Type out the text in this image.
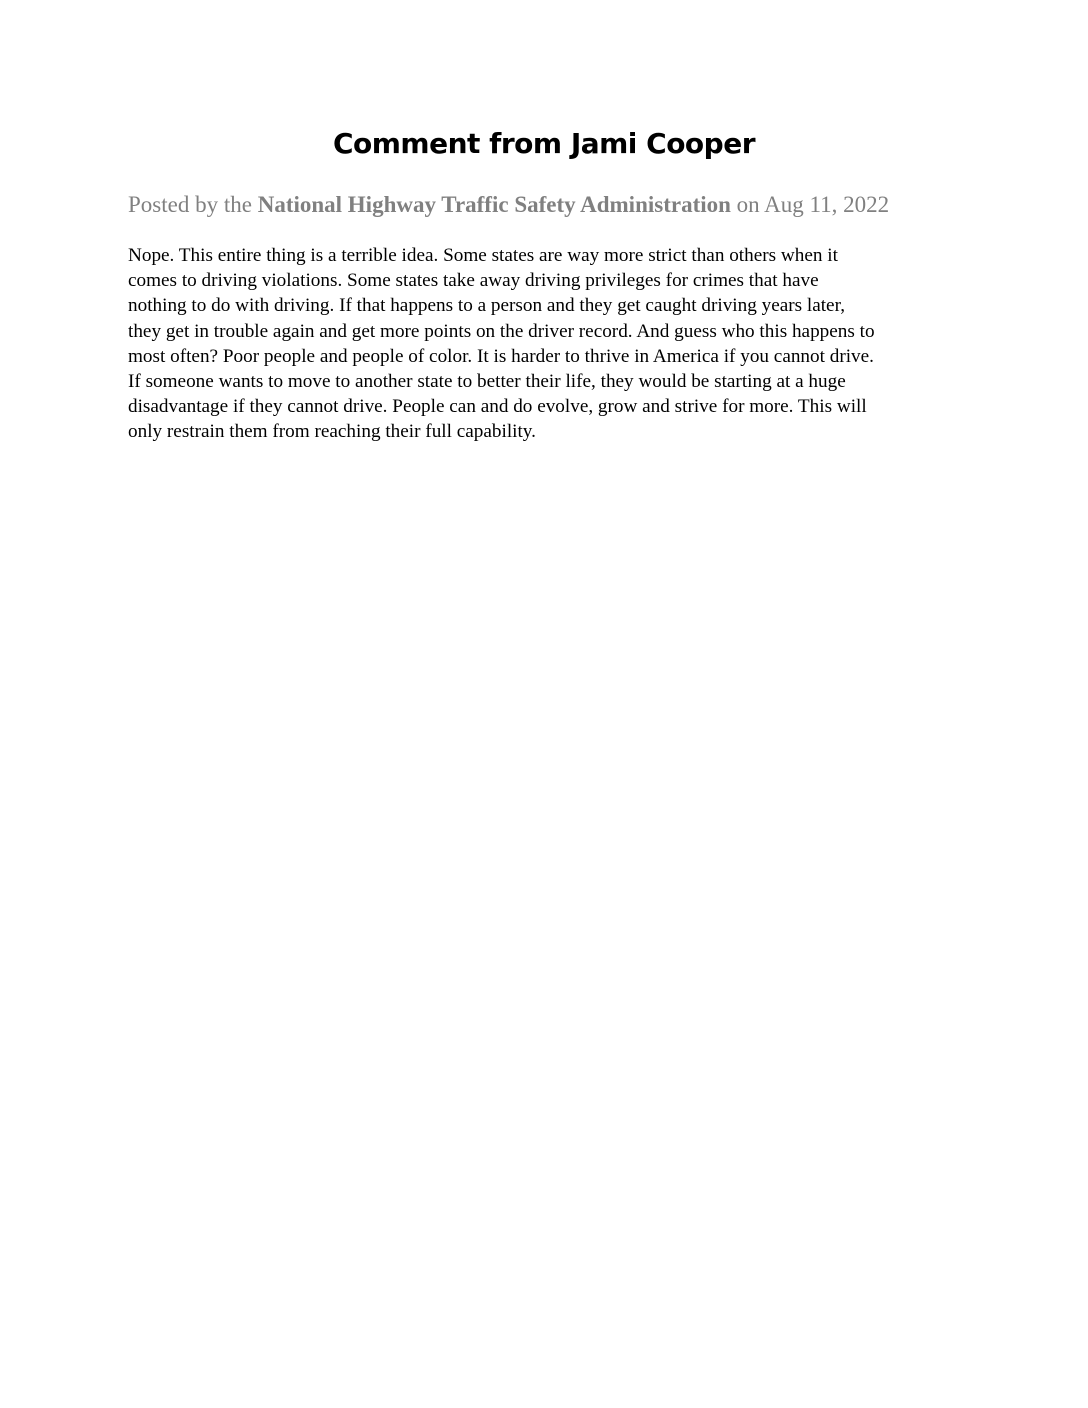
Comment from Jami Cooper

Posted by the National Highway Traffic Safety Administration on Aug 11, 2022

Nope. This entire thing is a terrible idea. Some states are way more strict than others when it
comes to driving violations. Some states take away driving privileges for crimes that have
nothing to do with driving. If that happens to a person and they get caught driving years later,
they get in trouble again and get more points on the driver record. And guess who this happens to
most often? Poor people and people of color. It is harder to thrive in America if you cannot drive.
If someone wants to move to another state to better their life, they would be starting at a huge
disadvantage if they cannot drive. People can and do evolve, grow and strive for more. This will
only restrain them from reaching their full capability.
